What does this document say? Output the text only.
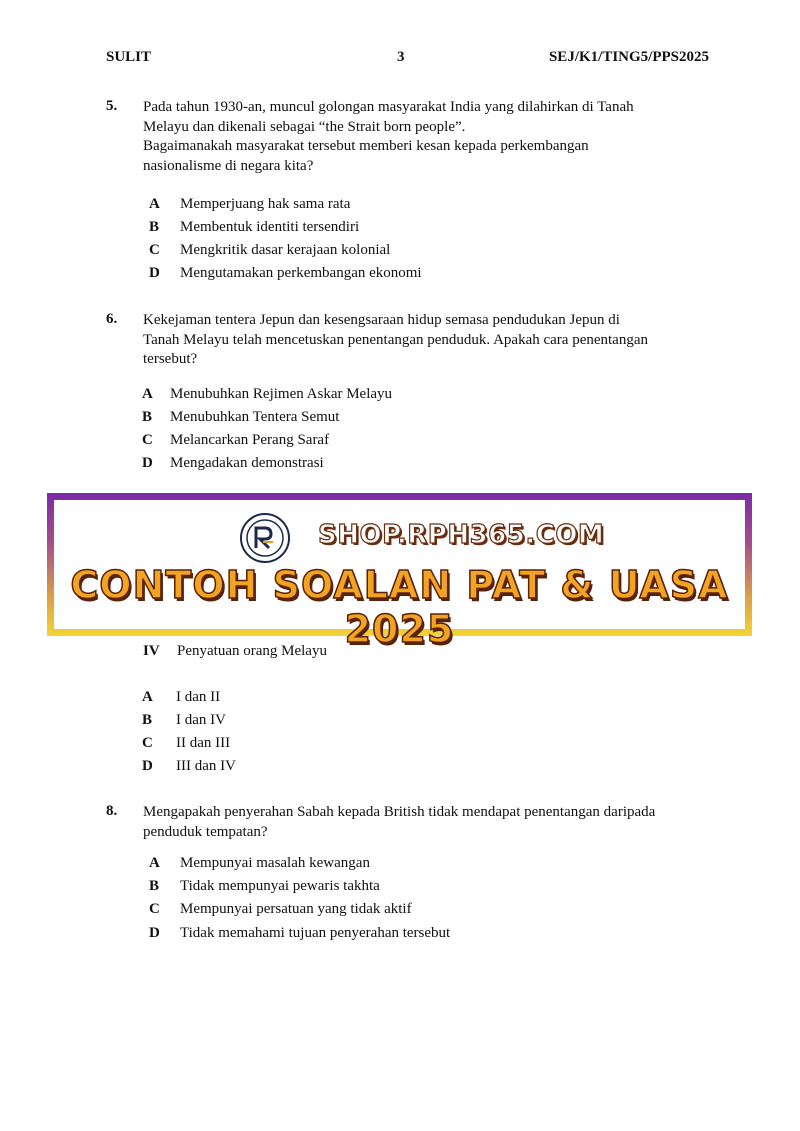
SULIT	3	SEJ/K1/TING5/PPS2025
5. Pada tahun 1930-an, muncul golongan masyarakat India yang dilahirkan di Tanah

Melayu dan dikenali sebagai “the Strait born people”.

Bagaimanakah masyarakat tersebut memberi kesan kepada perkembangan

nasionalisme di negara kita?

A Memperjuang hak sama rata
B Membentuk identiti tersendiri
C Mengkritik dasar kerajaan kolonial
D Mengutamakan perkembangan ekonomi
6. Kekejaman tentera Jepun dan kesengsaraan hidup semasa pendudukan Jepun di

Tanah Melayu telah mencetuskan penentangan penduduk. Apakah cara penentangan

tersebut?

A Menubuhkan Rejimen Askar Melayu
B Menubuhkan Tentera Semut
C Melancarkan Perang Saraf
D Mengadakan demonstrasi
SHOP.RPH365.COM
CONTOH SOALAN PAT & UASA 2025
IV Penyatuan orang Melayu
A I dan II
B I dan IV
C II dan III
D III dan IV
8. Mengapakah penyerahan Sabah kepada British tidak mendapat penentangan daripada

penduduk tempatan?

A Mempunyai masalah kewangan
B Tidak mempunyai pewaris takhta
C Mempunyai persatuan yang tidak aktif
D Tidak memahami tujuan penyerahan tersebut
